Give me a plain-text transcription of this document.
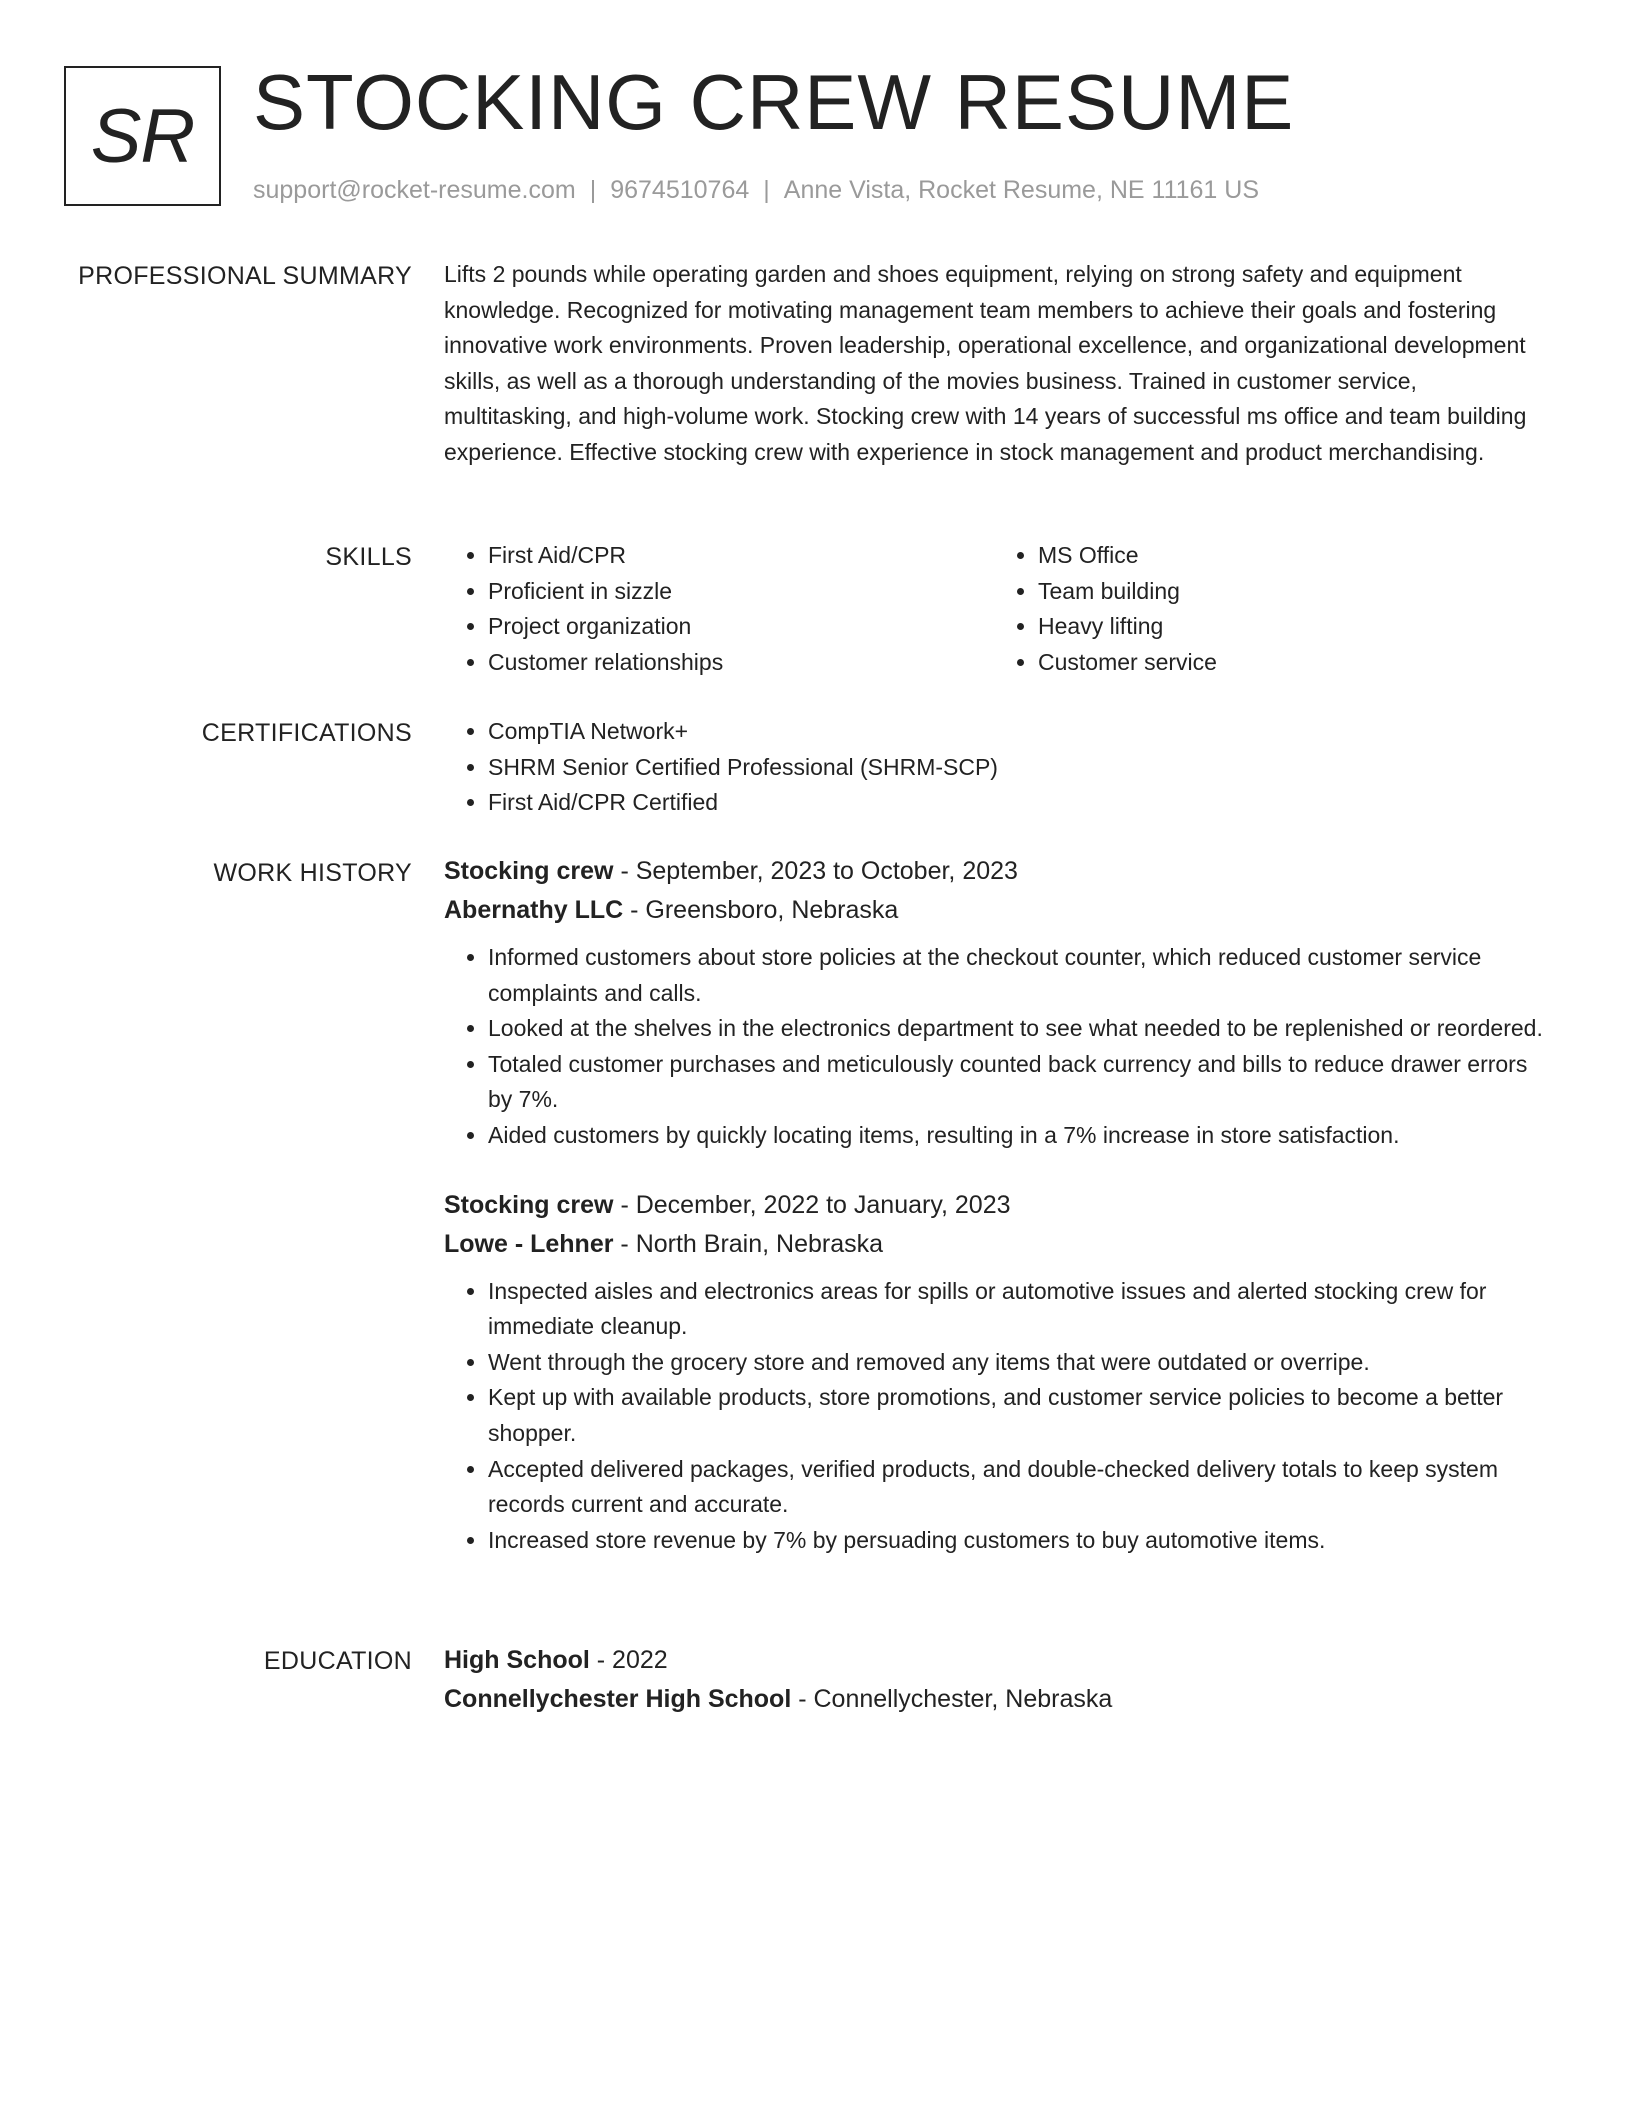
SR STOCKING CREW RESUME
support@rocket-resume.com | 9674510764 | Anne Vista, Rocket Resume, NE 11161 US
PROFESSIONAL SUMMARY Lifts 2 pounds while operating garden and shoes equipment, relying on strong safety and equipment knowledge. Recognized for motivating management team members to achieve their goals and fostering innovative work environments. Proven leadership, operational excellence, and organizational development skills, as well as a thorough understanding of the movies business. Trained in customer service, multitasking, and high-volume work. Stocking crew with 14 years of successful ms office and team building experience. Effective stocking crew with experience in stock management and product merchandising.

SKILLS	• First Aid/CPR
• Proficient in sizzle
• Project organization
• Customer relationships
• MS Office
• Team building
• Heavy lifting
• Customer service
CERTIFICATIONS	• CompTIA Network+
• SHRM Senior Certified Professional (SHRM-SCP)
• First Aid/CPR Certified
WORK HISTORY Stocking crew - September, 2023 to October, 2023
Abernathy LLC - Greensboro, Nebraska
• Informed customers about store policies at the checkout counter, which reduced customer service complaints and calls.
• Looked at the shelves in the electronics department to see what needed to be replenished or reordered.
• Totaled customer purchases and meticulously counted back currency and bills to reduce drawer errors by 7%.
• Aided customers by quickly locating items, resulting in a 7% increase in store satisfaction.
Stocking crew - December, 2022 to January, 2023
Lowe - Lehner - North Brain, Nebraska
• Inspected aisles and electronics areas for spills or automotive issues and alerted stocking crew for immediate cleanup.
• Went through the grocery store and removed any items that were outdated or overripe.
• Kept up with available products, store promotions, and customer service policies to become a better shopper.
• Accepted delivered packages, verified products, and double-checked delivery totals to keep system records current and accurate.
• Increased store revenue by 7% by persuading customers to buy automotive items.
EDUCATION High School - 2022
Connellychester High School - Connellychester, Nebraska
